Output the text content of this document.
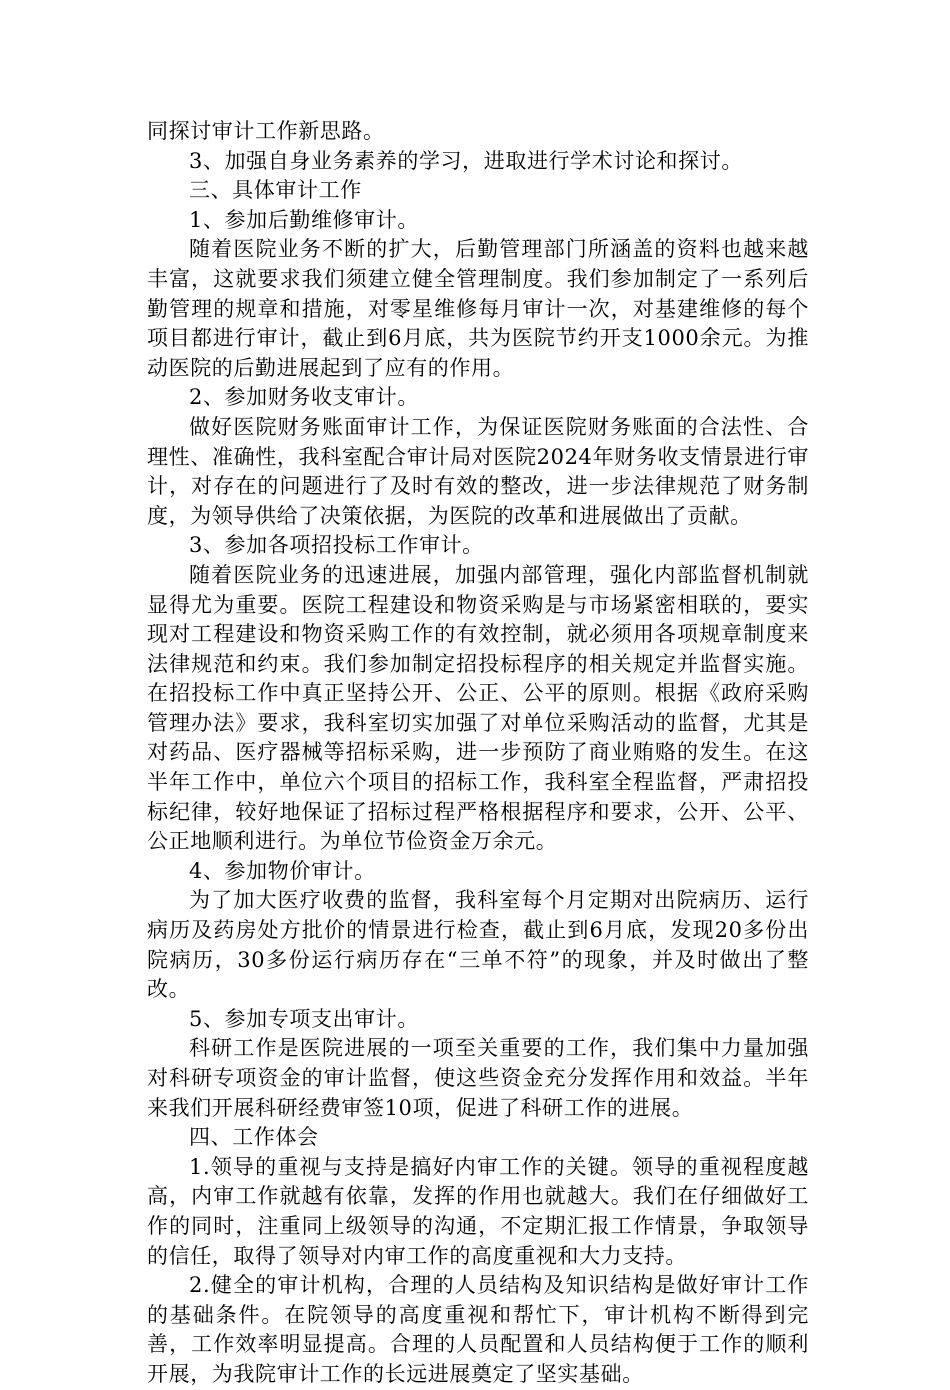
同探讨审计工作新思路。

3、加强自身业务素养的学习，进取进行学术讨论和探讨。

三、具体审计工作

1、参加后勤维修审计。

随着医院业务不断的扩大，后勤管理部门所涵盖的资料也越来越丰富，这就要求我们须建立健全管理制度。我们参加制定了一系列后勤管理的规章和措施，对零星维修每月审计一次，对基建维修的每个项目都进行审计，截止到6月底，共为医院节约开支1000余元。为推动医院的后勤进展起到了应有的作用。

2、参加财务收支审计。

做好医院财务账面审计工作，为保证医院财务账面的合法性、合理性、准确性，我科室配合审计局对医院2024年财务收支情景进行审计，对存在的问题进行了及时有效的整改，进一步法律规范了财务制度，为领导供给了决策依据，为医院的改革和进展做出了贡献。

3、参加各项招投标工作审计。

随着医院业务的迅速进展，加强内部管理，强化内部监督机制就显得尤为重要。医院工程建设和物资采购是与市场紧密相联的，要实现对工程建设和物资采购工作的有效控制，就必须用各项规章制度来法律规范和约束。我们参加制定招投标程序的相关规定并监督实施。在招投标工作中真正坚持公开、公正、公平的原则。根据《政府采购管理办法》要求，我科室切实加强了对单位采购活动的监督，尤其是对药品、医疗器械等招标采购，进一步预防了商业贿赂的发生。在这半年工作中，单位六个项目的招标工作，我科室全程监督，严肃招投标纪律，较好地保证了招标过程严格根据程序和要求，公开、公平、公正地顺利进行。为单位节俭资金万余元。

4、参加物价审计。

为了加大医疗收费的监督，我科室每个月定期对出院病历、运行病历及药房处方批价的情景进行检查，截止到6月底，发现20多份出院病历，30多份运行病历存在“三单不符”的现象，并及时做出了整改。

5、参加专项支出审计。

科研工作是医院进展的一项至关重要的工作，我们集中力量加强对科研专项资金的审计监督，使这些资金充分发挥作用和效益。半年来我们开展科研经费审签10项，促进了科研工作的进展。

四、工作体会

1.领导的重视与支持是搞好内审工作的关键。领导的重视程度越高，内审工作就越有依靠，发挥的作用也就越大。我们在仔细做好工作的同时，注重同上级领导的沟通，不定期汇报工作情景，争取领导的信任，取得了领导对内审工作的高度重视和大力支持。

2.健全的审计机构，合理的人员结构及知识结构是做好审计工作的基础条件。在院领导的高度重视和帮忙下，审计机构不断得到完善，工作效率明显提高。合理的人员配置和人员结构便于工作的顺利开展，为我院审计工作的长远进展奠定了坚实基础。
